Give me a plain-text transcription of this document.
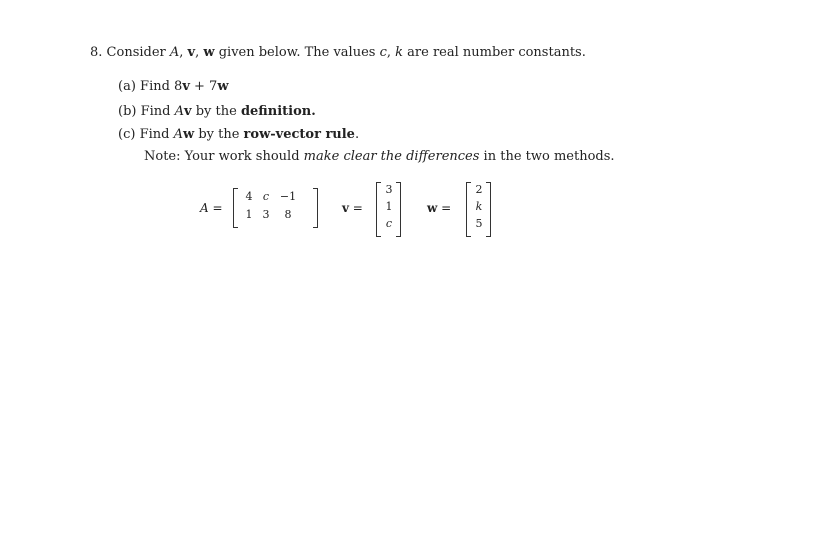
8. Consider A, v, w given below. The values c, k are real number constants.
(a) Find 8v + 7w
(b) Find Av by the definition.
(c) Find Aw by the row-vector rule.
Note: Your work should make clear the differences in the two methods.
A =
4 c −1
1 3	8	v =
3
1
c
w =
2
k
5
